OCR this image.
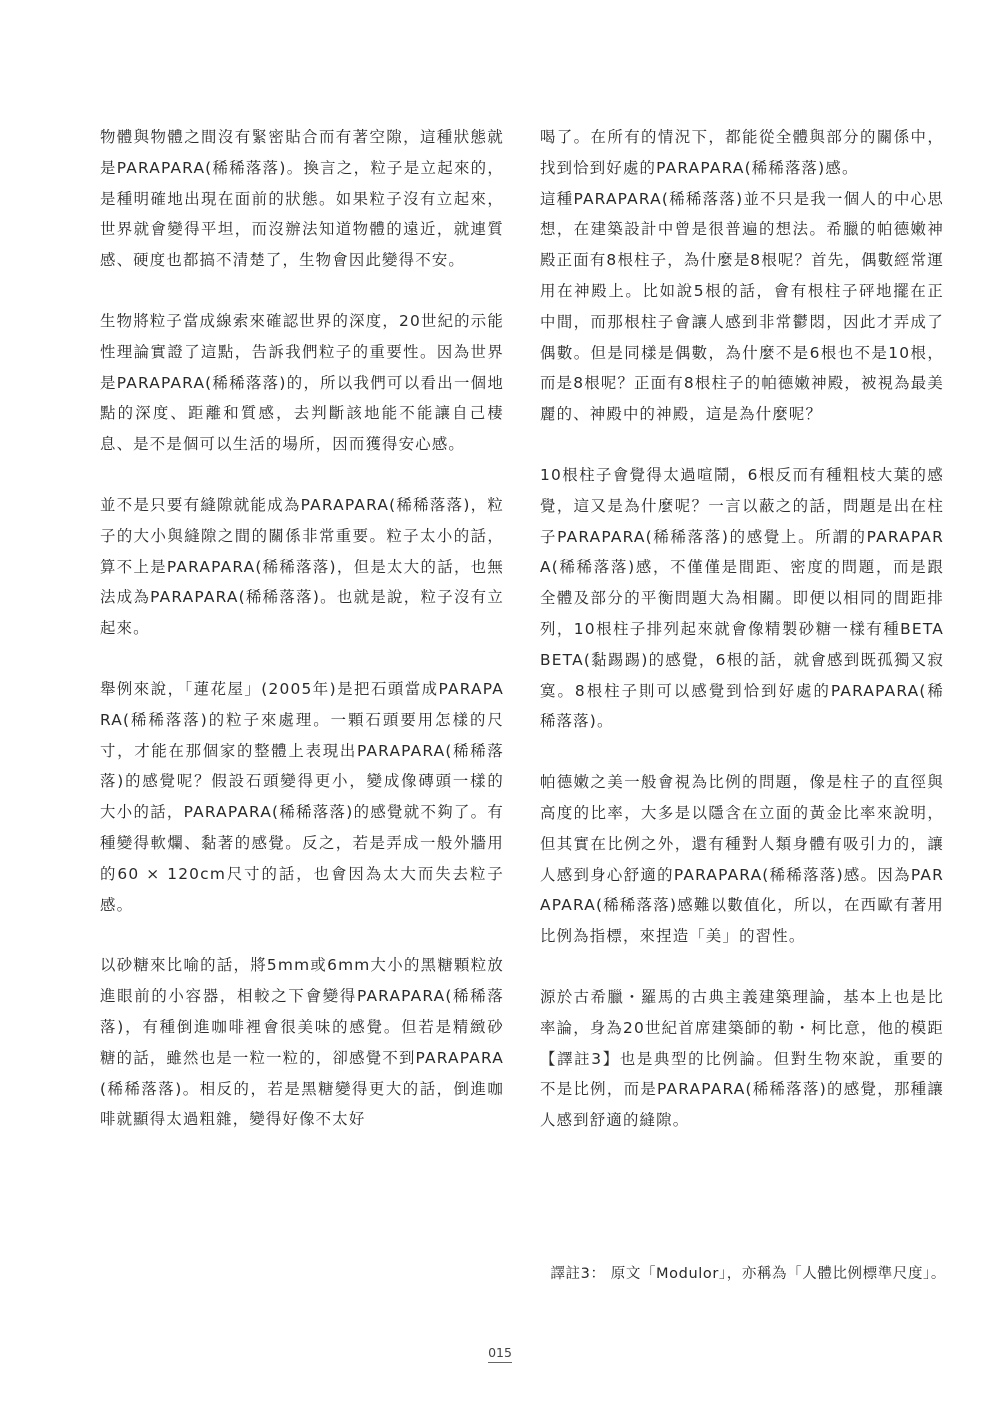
物體與物體之間沒有緊密貼合而有著空隙，這種狀態就是PARAPARA(稀稀落落)。換言之，粒子是立起來的，是種明確地出現在面前的狀態。如果粒子沒有立起來，世界就會變得平坦，而沒辦法知道物體的遠近，就連質感、硬度也都搞不清楚了，生物會因此變得不安。

生物將粒子當成線索來確認世界的深度，20世紀的示能性理論實證了這點，告訴我們粒子的重要性。因為世界是PARAPARA(稀稀落落)的，所以我們可以看出一個地點的深度、距離和質感，去判斷該地能不能讓自己棲息、是不是個可以生活的場所，因而獲得安心感。

並不是只要有縫隙就能成為PARAPARA(稀稀落落)，粒子的大小與縫隙之間的關係非常重要。粒子太小的話，算不上是PARAPARA(稀稀落落)，但是太大的話，也無法成為PARAPARA(稀稀落落)。也就是說，粒子沒有立起來。

舉例來說，「蓮花屋」(2005年)是把石頭當成PARAPARA(稀稀落落)的粒子來處理。一顆石頭要用怎樣的尺寸，才能在那個家的整體上表現出PARAPARA(稀稀落落)的感覺呢？假設石頭變得更小，變成像磚頭一樣的大小的話，PARAPARA(稀稀落落)的感覺就不夠了。有種變得軟爛、黏著的感覺。反之，若是弄成一般外牆用的60 × 120cm尺寸的話，也會因為太大而失去粒子感。

以砂糖來比喻的話，將5mm或6mm大小的黑糖顆粒放進眼前的小容器，相較之下會變得PARAPARA(稀稀落落)，有種倒進咖啡裡會很美味的感覺。但若是精緻砂糖的話，雖然也是一粒一粒的，卻感覺不到PARAPARA(稀稀落落)。相反的，若是黑糖變得更大的話，倒進咖啡就顯得太過粗雜，變得好像不太好

喝了。在所有的情況下，都能從全體與部分的關係中，找到恰到好處的PARAPARA(稀稀落落)感。

這種PARAPARA(稀稀落落)並不只是我一個人的中心思想，在建築設計中曾是很普遍的想法。希臘的帕德嫩神殿正面有8根柱子，為什麼是8根呢？首先，偶數經常運用在神殿上。比如說5根的話，會有根柱子砰地擺在正中間，而那根柱子會讓人感到非常鬱悶，因此才弄成了偶數。但是同樣是偶數，為什麼不是6根也不是10根，而是8根呢？正面有8根柱子的帕德嫩神殿，被視為最美麗的、神殿中的神殿，這是為什麼呢？

10根柱子會覺得太過喧鬧，6根反而有種粗枝大葉的感覺，這又是為什麼呢？一言以蔽之的話，問題是出在柱子PARAPARA(稀稀落落)的感覺上。所謂的PARAPARA(稀稀落落)感，不僅僅是間距、密度的問題，而是跟全體及部分的平衡問題大為相關。即便以相同的間距排列，10根柱子排列起來就會像精製砂糖一樣有種BETABETA(黏踢踢)的感覺，6根的話，就會感到既孤獨又寂寞。8根柱子則可以感覺到恰到好處的PARAPARA(稀稀落落)。

帕德嫩之美一般會視為比例的問題，像是柱子的直徑與高度的比率，大多是以隱含在立面的黃金比率來說明，但其實在比例之外，還有種對人類身體有吸引力的，讓人感到身心舒適的PARAPARA(稀稀落落)感。因為PARAPARA(稀稀落落)感難以數值化，所以，在西歐有著用比例為指標，來捏造「美」的習性。

源於古希臘・羅馬的古典主義建築理論，基本上也是比率論，身為20世紀首席建築師的勒・柯比意，他的模距【譯註3】也是典型的比例論。但對生物來說，重要的不是比例，而是PARAPARA(稀稀落落)的感覺，那種讓人感到舒適的縫隙。

譯註3： 原文「Modulor」，亦稱為「人體比例標準尺度」。
015
